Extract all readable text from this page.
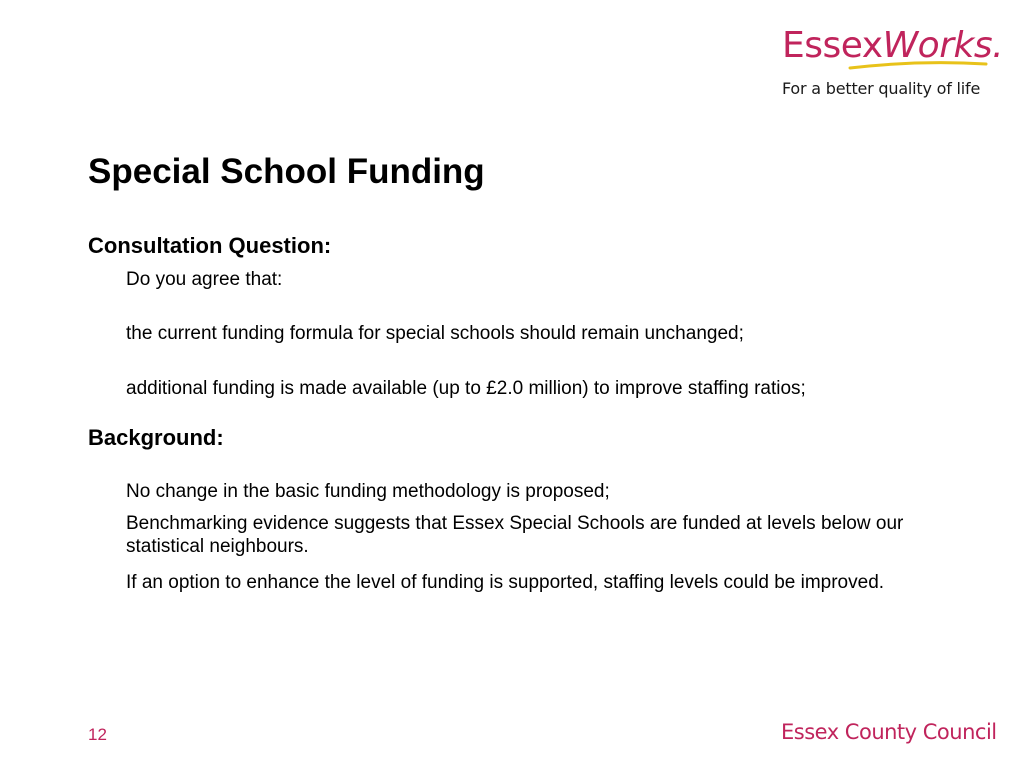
EssexWorks.
For a better quality of life
Special School Funding
Consultation Question:

Do you agree that:

the current funding formula for special schools should remain unchanged;

additional funding is made available (up to £2.0 million) to improve staffing ratios;

Background:

No change in the basic funding methodology is proposed;

Benchmarking evidence suggests that Essex Special Schools are funded at levels below our statistical neighbours.

If an option to enhance the level of funding is supported, staffing levels could be improved.

12	Essex County Council
